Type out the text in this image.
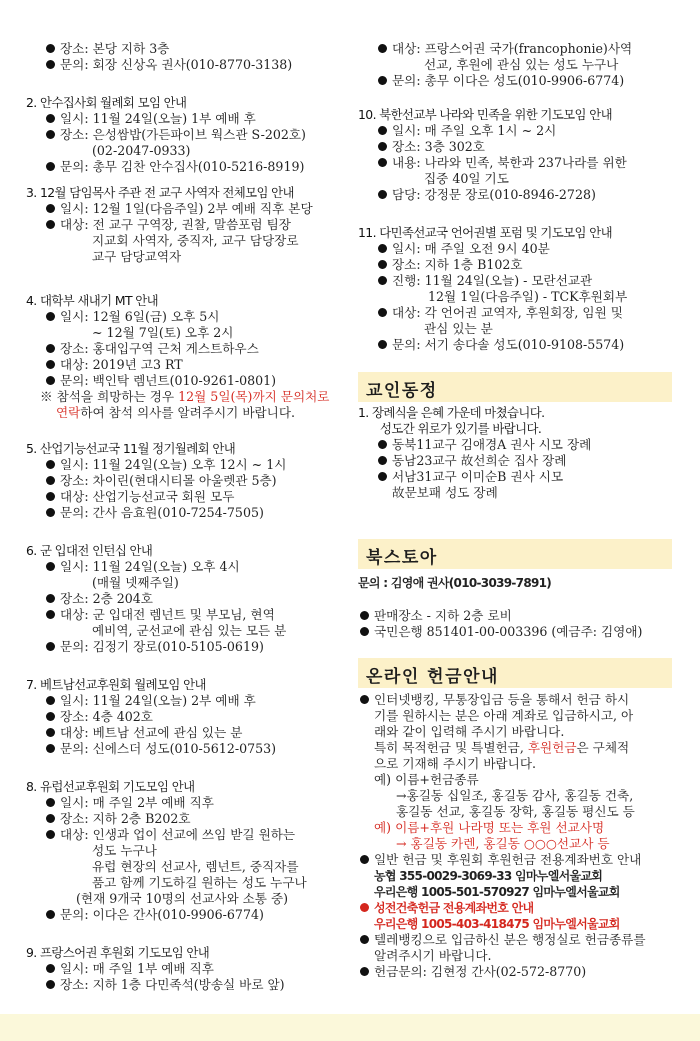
장소: 본당 지하 3층
문의: 회장 신상옥 권사(010-8770-3138)
2. 안수집사회 월례회 모임 안내
일시: 11월 24일(오늘) 1부 예배 후
장소: 은성쌈밥(가든파이브 웍스관 S-202호)
(02-2047-0933)
문의: 총무 김찬 안수집사(010-5216-8919)
3. 12월 담임목사 주관 전 교구 사역자 전체모임 안내
일시: 12월 1일(다음주일) 2부 예배 직후 본당
대상: 전 교구 구역장, 권찰, 말씀포럼 팀장
지교회 사역자, 중직자, 교구 담당장로
교구 담당교역자
4. 대학부 새내기 MT 안내
일시: 12월 6일(금) 오후 5시
~ 12월 7일(토) 오후 2시
장소: 홍대입구역 근처 게스트하우스
대상: 2019년 고3 RT
문의: 백인탁 렘넌트(010-9261-0801)
※ 참석을 희망하는 경우 12월 5일(목)까지 문의처로
연락하여 참석 의사를 알려주시기 바랍니다.
5. 산업기능선교국 11월 정기월례회 안내
일시: 11월 24일(오늘) 오후 12시 ~ 1시
장소: 차이린(현대시티몰 아울렛관 5층)
대상: 산업기능선교국 회원 모두
문의: 간사 음효원(010-7254-7505)
6. 군 입대전 인턴십 안내
일시: 11월 24일(오늘) 오후 4시
(매월 넷째주일)
장소: 2층 204호
대상: 군 입대전 렘넌트 및 부모님, 현역
예비역, 군선교에 관심 있는 모든 분
문의: 김정기 장로(010-5105-0619)
7. 베트남선교후원회 월례모임 안내
일시: 11월 24일(오늘) 2부 예배 후
장소: 4층 402호
대상: 베트남 선교에 관심 있는 분
문의: 신에스더 성도(010-5612-0753)
8. 유럽선교후원회 기도모임 안내
일시: 매 주일 2부 예배 직후
장소: 지하 2층 B202호
대상: 인생과 업이 선교에 쓰임 받길 원하는
성도 누구나
유럽 현장의 선교사, 렘넌트, 중직자를
품고 함께 기도하길 원하는 성도 누구나
(현재 9개국 10명의 선교사와 소통 중)
문의: 이다은 간사(010-9906-6774)
9. 프랑스어권 후원회 기도모임 안내
일시: 매 주일 1부 예배 직후
장소: 지하 1층 다민족석(방송실 바로 앞)
대상: 프랑스어권 국가(francophonie)사역
선교, 후원에 관심 있는 성도 누구나
문의: 총무 이다은 성도(010-9906-6774)
10. 북한선교부 나라와 민족을 위한 기도모임 안내
일시: 매 주일 오후 1시 ~ 2시
장소: 3층 302호
내용: 나라와 민족, 북한과 237나라를 위한
집중 40일 기도
담당: 강정문 장로(010-8946-2728)
11. 다민족선교국 언어권별 포럼 및 기도모임 안내
일시: 매 주일 오전 9시 40분
장소: 지하 1층 B102호
진행: 11월 24일(오늘) - 모란선교관
12월 1일(다음주일) - TCK후원회부
대상: 각 언어권 교역자, 후원회장, 임원 및
관심 있는 분
문의: 서기 송다솔 성도(010-9108-5574)
교인동정
1. 장례식을 은혜 가운데 마쳤습니다.
성도간 위로가 있기를 바랍니다.
동북11교구 김애경A 권사 시모 장례
동남23교구 故선희순 집사 장례
서남31교구 이미순B 권사 시모
故문보패 성도 장례
북스토아
문의 : 김영애 권사(010-3039-7891)
판매장소 - 지하 2층 로비
국민은행 851401-00-003396 (예금주: 김영애)
온라인 헌금안내
인터넷뱅킹, 무통장입금 등을 통해서 헌금 하시
기를 원하시는 분은 아래 계좌로 입금하시고, 아
래와 같이 입력해 주시기 바랍니다.
특히 목적헌금 및 특별헌금, 후원헌금은 구체적
으로 기재해 주시기 바랍니다.
예) 이름+헌금종류
→홍길동 십일조, 홍길동 감사, 홍길동 건축,
홍길동 선교, 홍길동 장학, 홍길동 평신도 등
예) 이름+후원 나라명 또는 후원 선교사명
→ 홍길동 카렌, 홍길동 ○○○선교사 등
일반 헌금 및 후원회 후원헌금 전용계좌번호 안내
농협 355-0029-3069-33 임마누엘서울교회
우리은행 1005-501-570927 임마누엘서울교회
성전건축헌금 전용계좌번호 안내
우리은행 1005-403-418475 임마누엘서울교회
텔레뱅킹으로 입금하신 분은 행정실로 헌금종류를
알려주시기 바랍니다.
헌금문의: 김현정 간사(02-572-8770)
